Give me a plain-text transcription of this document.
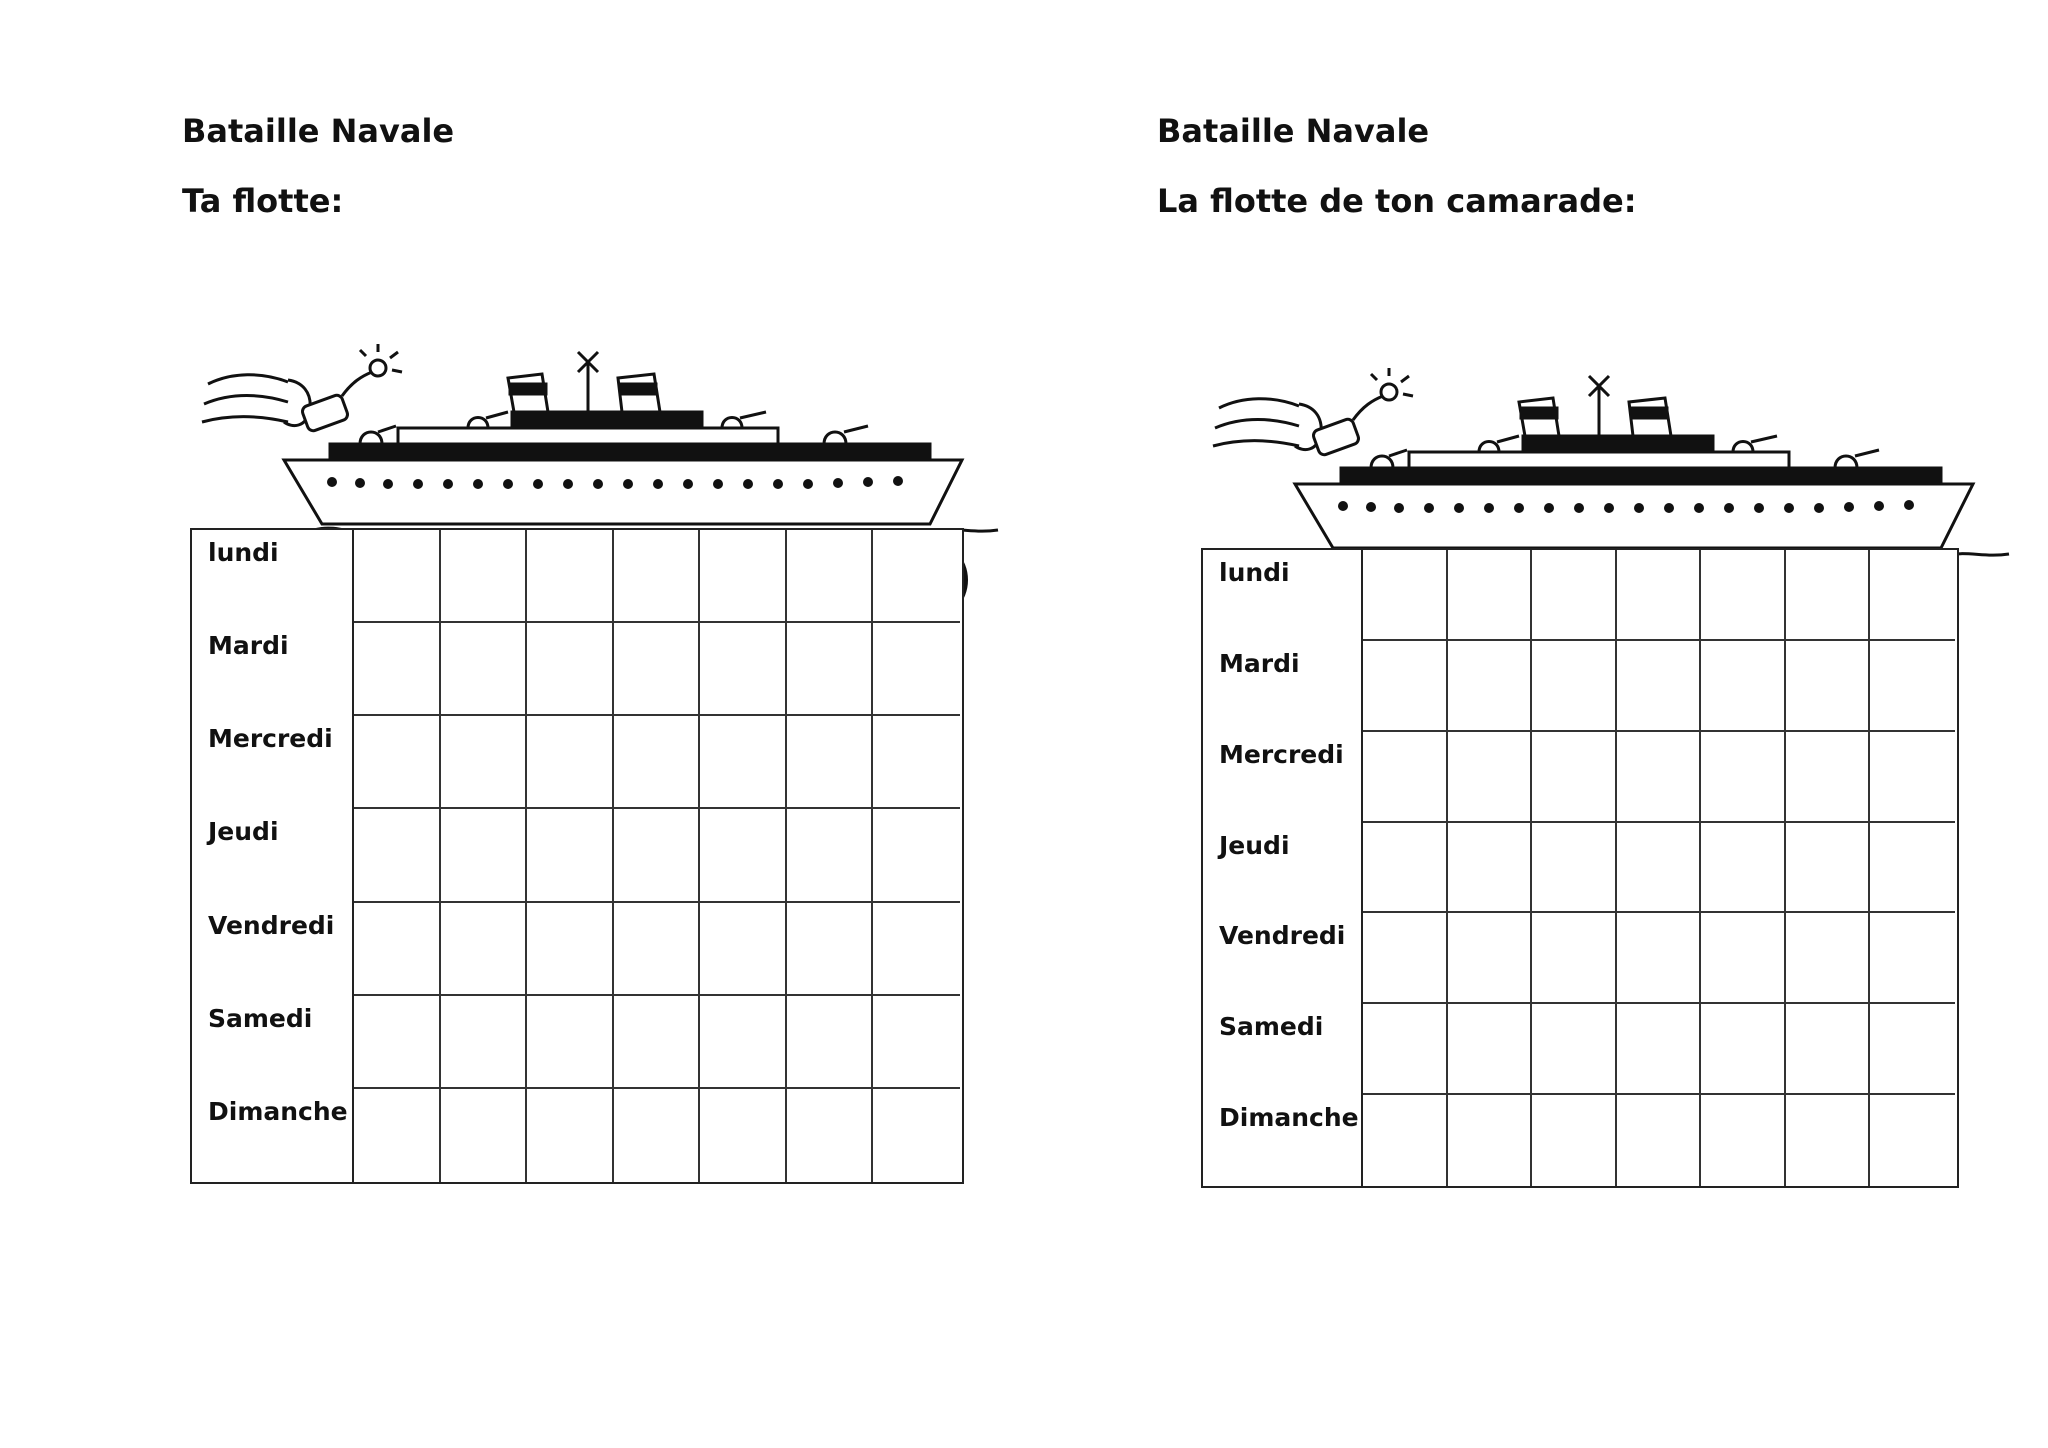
Bataille Navale
Ta flotte:
lundi
Mardi
Mercredi
Jeudi
Vendredi
Samedi
Dimanche
Bataille Navale
La flotte de ton camarade:
lundi
Mardi
Mercredi
Jeudi
Vendredi
Samedi
Dimanche
